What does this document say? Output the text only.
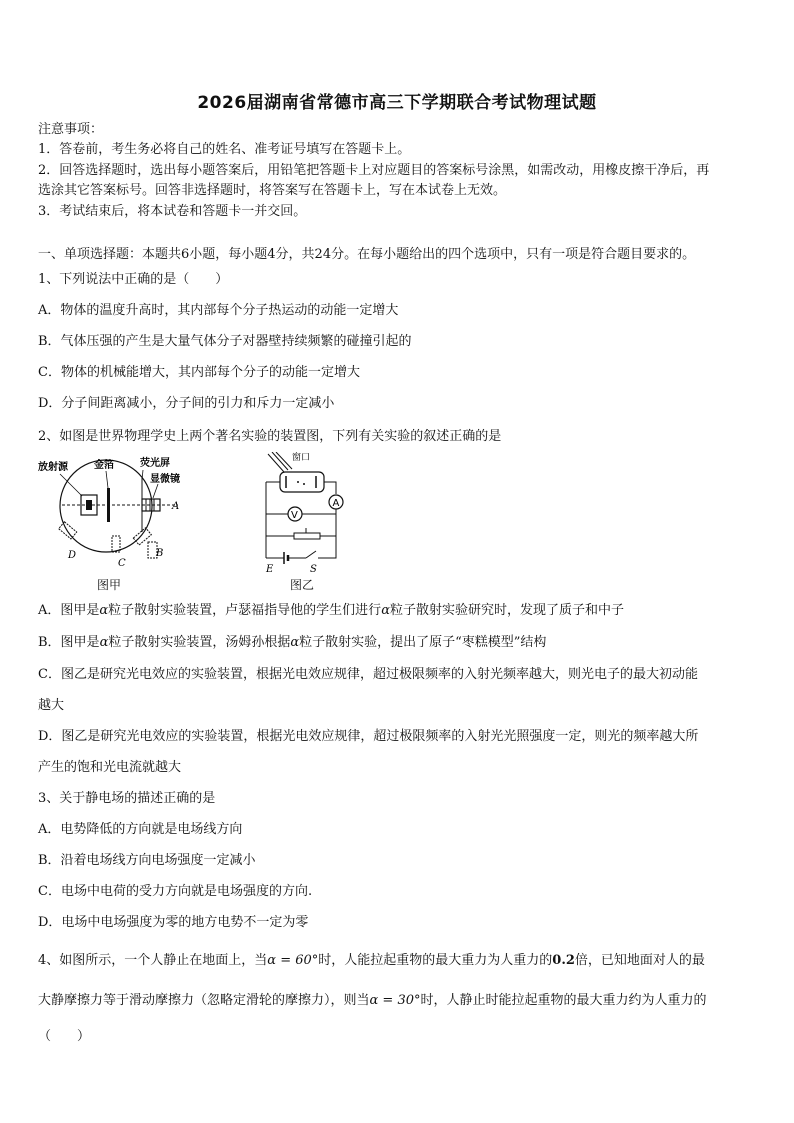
2026届湖南省常德市高三下学期联合考试物理试题
注意事项：
1．答卷前，考生务必将自己的姓名、准考证号填写在答题卡上。
2．回答选择题时，选出每小题答案后，用铅笔把答题卡上对应题目的答案标号涂黑，如需改动，用橡皮擦干净后，再
选涂其它答案标号。回答非选择题时，将答案写在答题卡上，写在本试卷上无效。
3．考试结束后，将本试卷和答题卡一并交回。
一、单项选择题：本题共6小题，每小题4分，共24分。在每小题给出的四个选项中，只有一项是符合题目要求的。
1、下列说法中正确的是（　　）
A．物体的温度升高时，其内部每个分子热运动的动能一定增大
B．气体压强的产生是大量气体分子对器壁持续频繁的碰撞引起的
C．物体的机械能增大，其内部每个分子的动能一定增大
D．分子间距离减小，分子间的引力和斥力一定减小
2、如图是世界物理学史上两个著名实验的装置图，下列有关实验的叙述正确的是
放射源	金箔	荧光屏
显微镜
A
B
C
D
图甲
A
V
窗口
E	S
图乙
A．图甲是α粒子散射实验装置，卢瑟福指导他的学生们进行α粒子散射实验研究时，发现了质子和中子
B．图甲是α粒子散射实验装置，汤姆孙根据α粒子散射实验，提出了原子“枣糕模型”结构
C．图乙是研究光电效应的实验装置，根据光电效应规律，超过极限频率的入射光频率越大，则光电子的最大初动能
越大
D．图乙是研究光电效应的实验装置，根据光电效应规律，超过极限频率的入射光光照强度一定，则光的频率越大所
产生的饱和光电流就越大
3、关于静电场的描述正确的是
A．电势降低的方向就是电场线方向
B．沿着电场线方向电场强度一定减小
C．电场中电荷的受力方向就是电场强度的方向.
D．电场中电场强度为零的地方电势不一定为零
4、如图所示，一个人静止在地面上，当α = 60°时，人能拉起重物的最大重力为人重力的0.2倍，已知地面对人的最
大静摩擦力等于滑动摩擦力（忽略定滑轮的摩擦力），则当α = 30°时，人静止时能拉起重物的最大重力约为人重力的
（　　）
